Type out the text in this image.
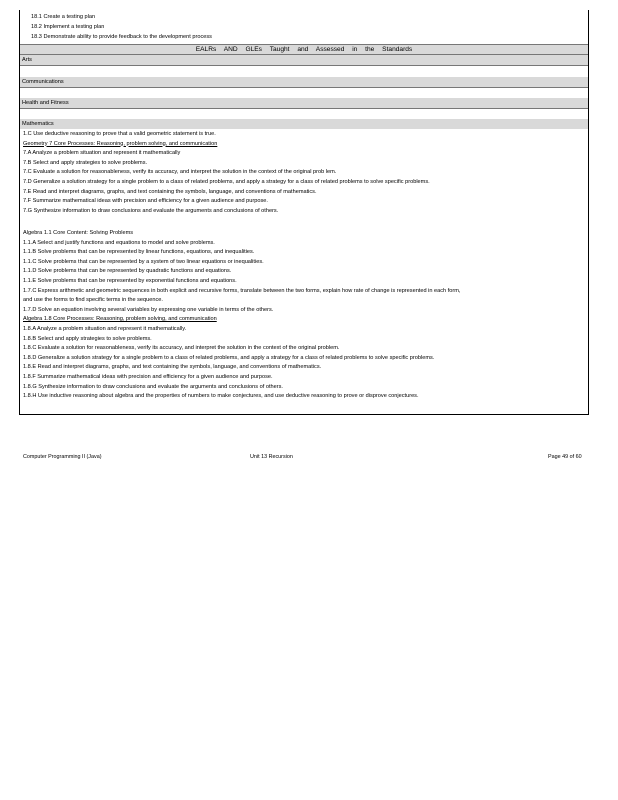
18.1 Create a testing plan
18.2 Implement a testing plan
18.3 Demonstrate ability to provide feedback to the development process
EALRs AND GLEs Taught and Assessed in the Standards
Arts
Communications
Health and Fitness
Mathematics
1.C Use deductive reasoning to prove that a valid geometric statement is true.
Geometry 7 Core Processes: Reasoning, problem solving, and communication
7.A Analyze a problem situation and represent it mathematically
7.B Select and apply strategies to solve problems.
7.C Evaluate a solution for reasonableness, verify its accuracy, and interpret the solution in the context of the original prob lem.
7.D Generalize a solution strategy for a single problem to a class of related problems, and apply a strategy for a class of related problems to solve specific problems.
7.E Read and interpret diagrams, graphs, and text containing the symbols, language, and conventions of mathematics.
7.F Summarize mathematical ideas with precision and efficiency for a given audience and purpose.
7.G Synthesize information to draw conclusions and evaluate the arguments and conclusions of others.
Algebra 1.1 Core Content: Solving Problems
1.1.A Select and justify functions and equations to model and solve problems.
1.1.B Solve problems that can be represented by linear functions, equations, and inequalities.
1.1.C Solve problems that can be represented by a system of two linear equations or inequalities.
1.1.D Solve problems that can be represented by quadratic functions and equations.
1.1.E Solve problems that can be represented by exponential functions and equations.
1.7.C Express arithmetic and geometric sequences in both explicit and recursive forms, translate between the two forms, explain how rate of change is represented in each form,
and use the forms to find specific terms in the sequence.
1.7.D Solve an equation involving several variables by expressing one variable in terms of the others.
Algebra 1.8 Core Processes: Reasoning, problem solving, and communication
1.8.A Analyze a problem situation and represent it mathematically.
1.8.B Select and apply strategies to solve problems.
1.8.C Evaluate a solution for reasonableness, verify its accuracy, and interpret the solution in the context of the original problem.
1.8.D Generalize a solution strategy for a single problem to a class of related problems, and apply a strategy for a class of related problems to solve specific problems.
1.8.E Read and interpret diagrams, graphs, and text containing the symbols, language, and conventions of mathematics.
1.8.F Summarize mathematical ideas with precision and efficiency for a given audience and purpose.
1.8.G Synthesize information to draw conclusions and evaluate the arguments and conclusions of others.
1.8.H Use inductive reasoning about algebra and the properties of numbers to make conjectures, and use deductive reasoning to prove or disprove conjectures.
Computer Programming II (Java)	Unit 13 Recursion	Page 49 of 60
